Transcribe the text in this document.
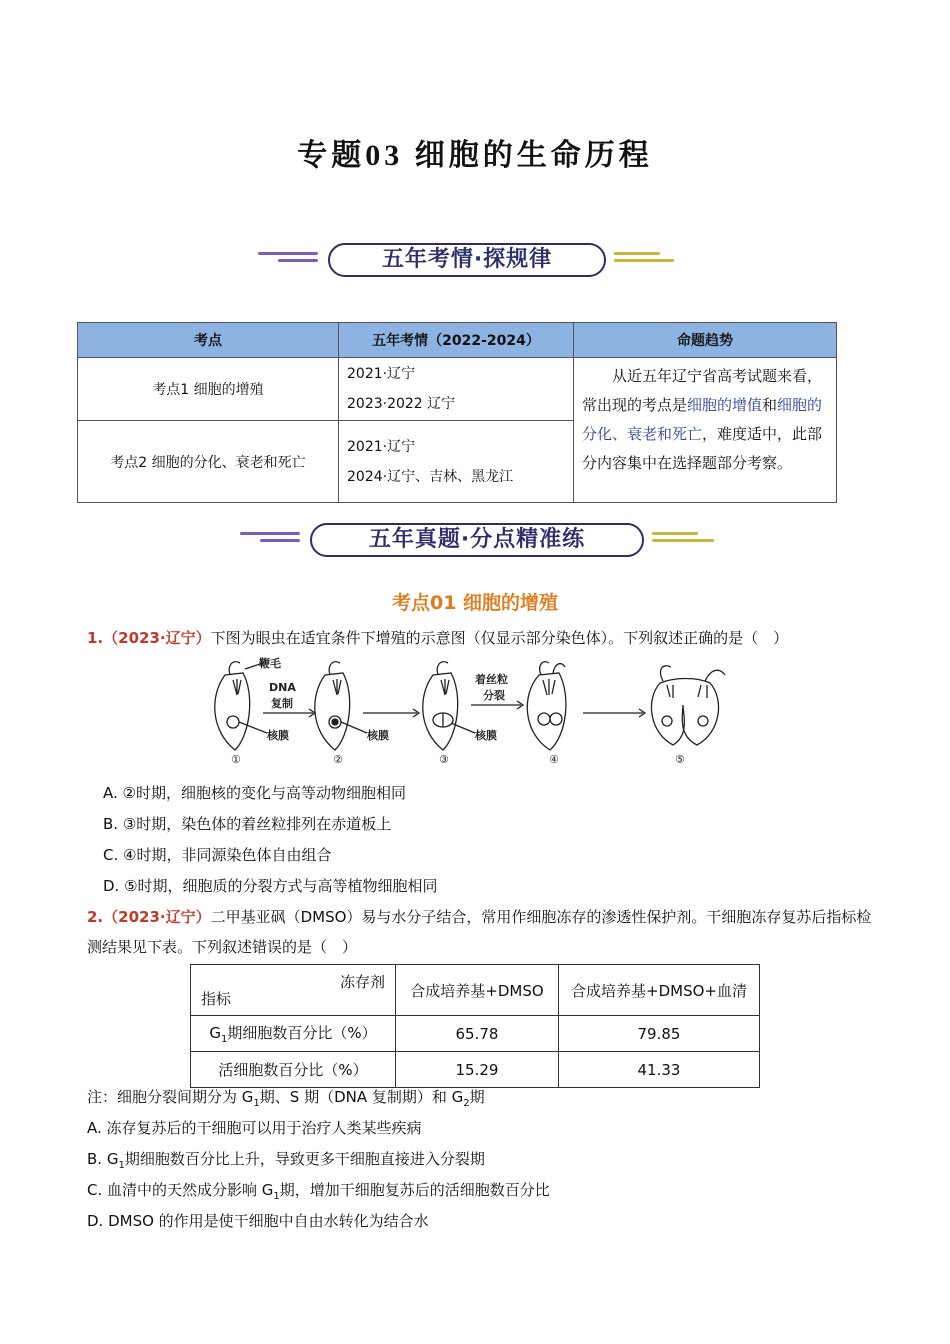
专题03 细胞的生命历程
五年考情·探规律
考点	五年考情（2022-2024）	命题趋势
考点1 细胞的增殖	2021·辽宁
2023·2022 辽宁	从近五年辽宁省高考试题来看，常出现的考点是细胞的增值和细胞的分化、衰老和死亡，难度适中，此部分内容集中在选择题部分考察。
考点2 细胞的分化、衰老和死亡	2021·辽宁
2024·辽宁、吉林、黑龙江	
五年真题·分点精准练
考点01 细胞的增殖
1.（2023·辽宁）下图为眼虫在适宜条件下增殖的示意图（仅显示部分染色体）。下列叙述正确的是（　）
鞭毛
DNA
复制
核膜
①
核膜
②
着丝粒
分裂
核膜
③	④	⑤
A. ②时期，细胞核的变化与高等动物细胞相同
B. ③时期，染色体的着丝粒排列在赤道板上
C. ④时期，非同源染色体自由组合
D. ⑤时期，细胞质的分裂方式与高等植物细胞相同
2.（2023·辽宁）二甲基亚砜（DMSO）易与水分子结合，常用作细胞冻存的渗透性保护剂。干细胞冻存复苏后指标检测结果见下表。下列叙述错误的是（　）
冻存剂
指标	合成培养基+DMSO	合成培养基+DMSO+血清
$G_1$期细胞数百分比（%）	65.78	79.85
活细胞数百分比（%）	15.29	41.33
注：细胞分裂间期分为 $G_1$期、S 期（DNA 复制期）和 $G_2$期
A. 冻存复苏后的干细胞可以用于治疗人类某些疾病
B. $G_1$期细胞数百分比上升，导致更多干细胞直接进入分裂期
C. 血清中的天然成分影响 $G_1$期，增加干细胞复苏后的活细胞数百分比
D. DMSO 的作用是使干细胞中自由水转化为结合水
